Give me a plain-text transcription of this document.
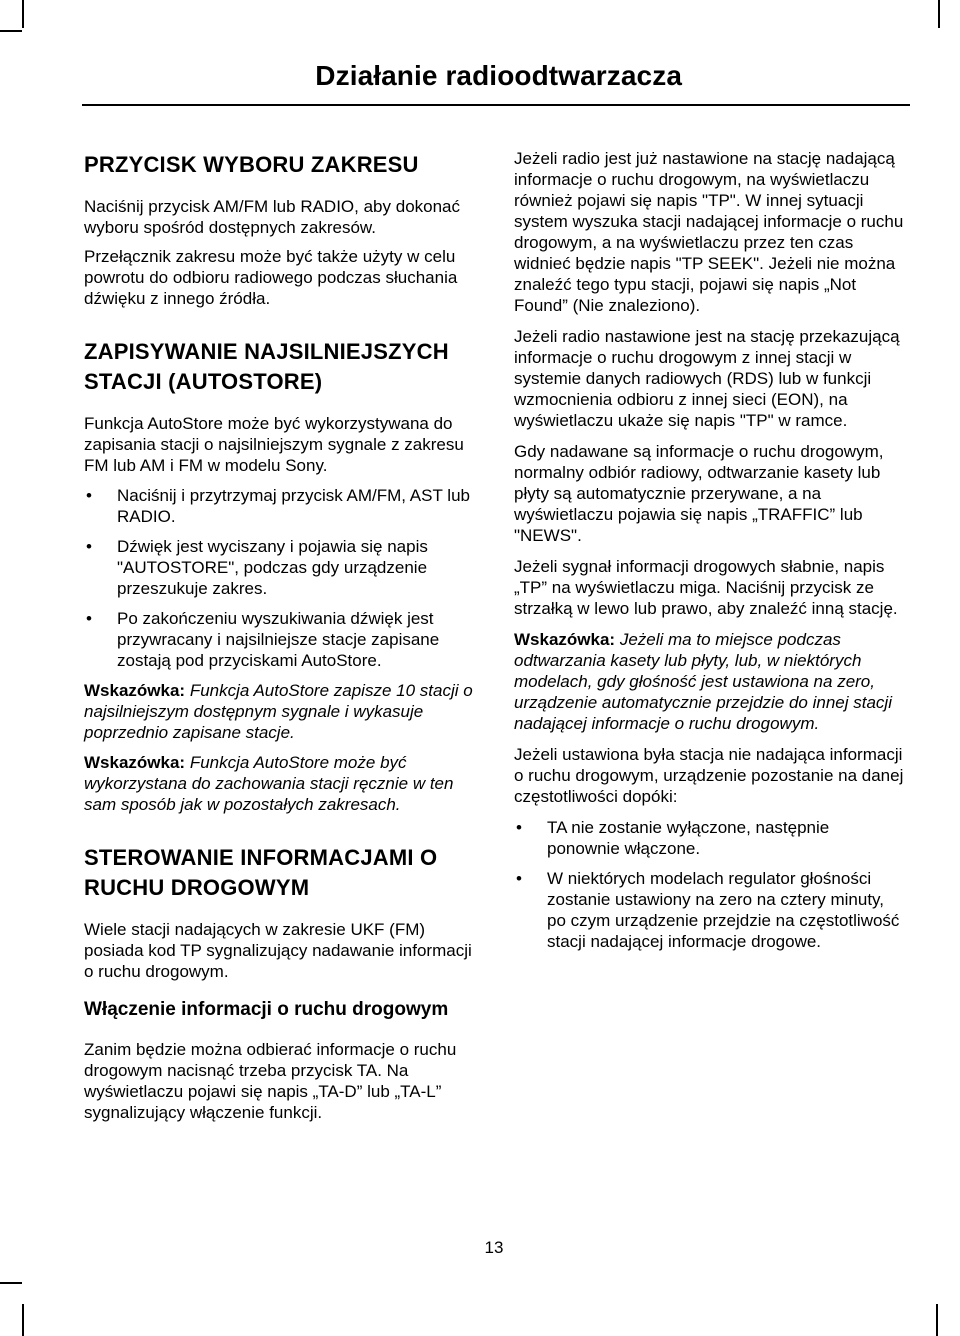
Działanie radioodtwarzacza
PRZYCISK WYBORU ZAKRESU

Naciśnij przycisk AM/FM lub RADIO, aby dokonać wyboru spośród dostępnych zakresów.

Przełącznik zakresu może być także użyty w celu powrotu do odbioru radiowego podczas słuchania dźwięku z innego źródła.

ZAPISYWANIE NAJSILNIEJSZYCH STACJI (AUTOSTORE)

Funkcja AutoStore może być wykorzystywana do zapisania stacji o najsilniejszym sygnale z zakresu FM lub AM i FM w modelu Sony.

• Naciśnij i przytrzymaj przycisk AM/FM, AST lub RADIO.
• Dźwięk jest wyciszany i pojawia się napis "AUTOSTORE", podczas gdy urządzenie przeszukuje zakres.
• Po zakończeniu wyszukiwania dźwięk jest przywracany i najsilniejsze stacje zapisane zostają pod przyciskami AutoStore.

Wskazówka: Funkcja AutoStore zapisze 10 stacji o najsilniejszym dostępnym sygnale i wykasuje poprzednio zapisane stacje.

Wskazówka: Funkcja AutoStore może być wykorzystana do zachowania stacji ręcznie w ten sam sposób jak w pozostałych zakresach.

STEROWANIE INFORMACJAMI O RUCHU DROGOWYM

Wiele stacji nadających w zakresie UKF (FM) posiada kod TP sygnalizujący nadawanie informacji o ruchu drogowym.

Włączenie informacji o ruchu drogowym

Zanim będzie można odbierać informacje o ruchu drogowym nacisnąć trzeba przycisk TA. Na wyświetlaczu pojawi się napis „TA-D” lub „TA-L” sygnalizujący włączenie funkcji.

Jeżeli radio jest już nastawione na stację nadającą informacje o ruchu drogowym, na wyświetlaczu również pojawi się napis "TP". W innej sytuacji system wyszuka stacji nadającej informacje o ruchu drogowym, a na wyświetlaczu przez ten czas widnieć będzie napis "TP SEEK". Jeżeli nie można znaleźć tego typu stacji, pojawi się napis „Not Found” (Nie znaleziono).

Jeżeli radio nastawione jest na stację przekazującą informacje o ruchu drogowym z innej stacji w systemie danych radiowych (RDS) lub w funkcji wzmocnienia odbioru z innej sieci (EON), na wyświetlaczu ukaże się napis "TP" w ramce.

Gdy nadawane są informacje o ruchu drogowym, normalny odbiór radiowy, odtwarzanie kasety lub płyty są automatycznie przerywane, a na wyświetlaczu pojawia się napis „TRAFFIC” lub "NEWS".

Jeżeli sygnał informacji drogowych słabnie, napis „TP” na wyświetlaczu miga. Naciśnij przycisk ze strzałką w lewo lub prawo, aby znaleźć inną stację.

Wskazówka: Jeżeli ma to miejsce podczas odtwarzania kasety lub płyty, lub, w niektórych modelach, gdy głośność jest ustawiona na zero, urządzenie automatycznie przejdzie do innej stacji nadającej informacje o ruchu drogowym.

Jeżeli ustawiona była stacja nie nadająca informacji o ruchu drogowym, urządzenie pozostanie na danej częstotliwości dopóki:

• TA nie zostanie wyłączone, następnie ponownie włączone.
• W niektórych modelach regulator głośności zostanie ustawiony na zero na cztery minuty, po czym urządzenie przejdzie na częstotliwość stacji nadającej informacje drogowe.
13
